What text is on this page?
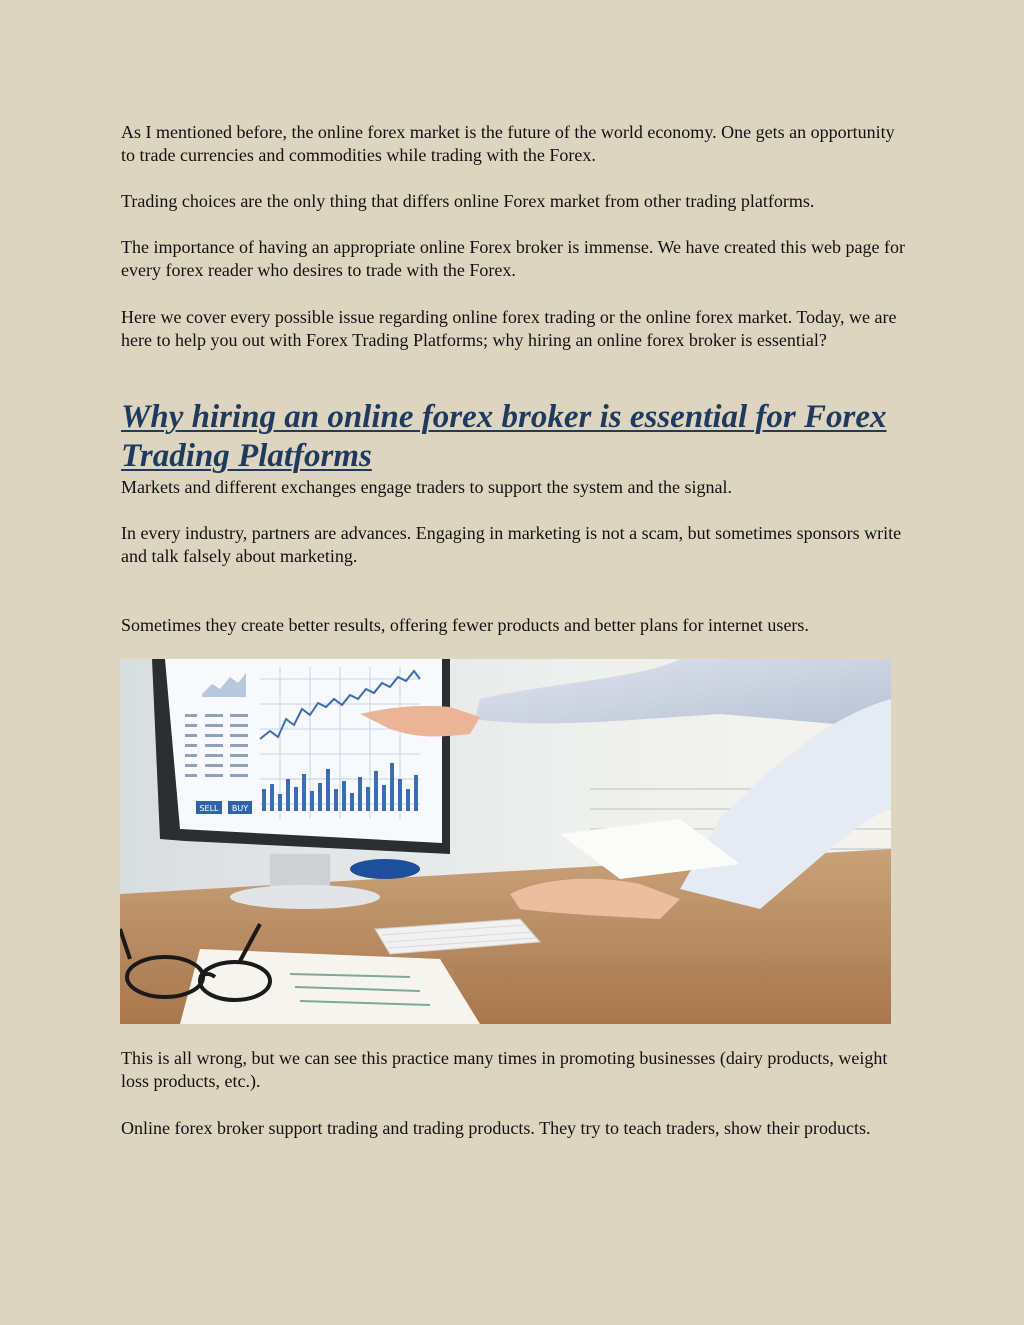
As I mentioned before, the online forex market is the future of the world economy. One gets an opportunity to trade currencies and commodities while trading with the Forex.

Trading choices are the only thing that differs online Forex market from other trading platforms.

The importance of having an appropriate online Forex broker is immense. We have created this web page for every forex reader who desires to trade with the Forex.

Here we cover every possible issue regarding online forex trading or the online forex market. Today, we are here to help you out with Forex Trading Platforms; why hiring an online forex broker is essential?

Why hiring an online forex broker is essential for Forex Trading Platforms

Markets and different exchanges engage traders to support the system and the signal.

In every industry, partners are advances. Engaging in marketing is not a scam, but sometimes sponsors write and talk falsely about marketing.

Sometimes they create better results, offering fewer products and better plans for internet users.

SELL BUY

This is all wrong, but we can see this practice many times in promoting businesses (dairy products, weight loss products, etc.).

Online forex broker support trading and trading products. They try to teach traders, show their products.
